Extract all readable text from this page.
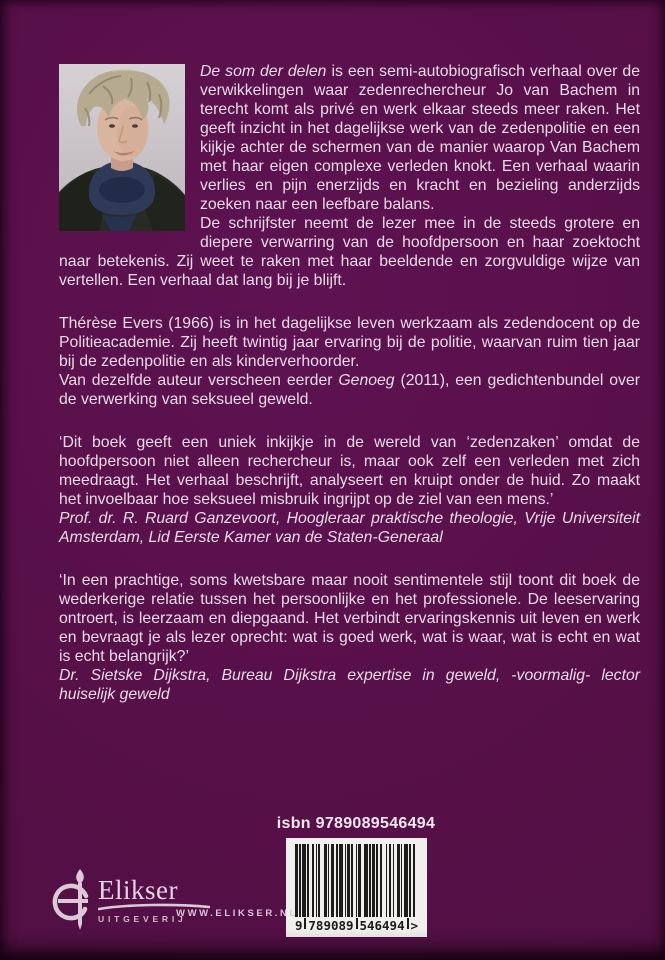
De som der delen is een semi-autobiografisch verhaal over de verwikkelingen waar zedenrechercheur Jo van Bachem in terecht komt als privé en werk elkaar steeds meer raken. Het geeft inzicht in het dagelijkse werk van de zedenpolitie en een kijkje achter de schermen van de manier waarop Van Bachem met haar eigen complexe verleden knokt. Een verhaal waarin verlies en pijn enerzijds en kracht en bezieling anderzijds zoeken naar een leefbare balans.

De schrijfster neemt de lezer mee in de steeds grotere en diepere verwarring van de hoofdpersoon en haar zoektocht naar betekenis. Zij weet te raken met haar beeldende en zorgvuldige wijze van vertellen. Een verhaal dat lang bij je blijft.

Thérèse Evers (1966) is in het dagelijkse leven werkzaam als zedendocent op de Politieacademie. Zij heeft twintig jaar ervaring bij de politie, waarvan ruim tien jaar bij de zedenpolitie en als kinderverhoorder.

Van dezelfde auteur verscheen eerder Genoeg (2011), een gedichtenbundel over de verwerking van seksueel geweld.

‘Dit boek geeft een uniek inkijkje in de wereld van ‘zedenzaken’ omdat de hoofdpersoon niet alleen rechercheur is, maar ook zelf een verleden met zich meedraagt. Het verhaal beschrijft, analyseert en kruipt onder de huid. Zo maakt het invoelbaar hoe seksueel misbruik ingrijpt op de ziel van een mens.’

Prof. dr. R. Ruard Ganzevoort, Hoogleraar praktische theologie, Vrije Universiteit Amsterdam, Lid Eerste Kamer van de Staten-Generaal

‘In een prachtige, soms kwetsbare maar nooit sentimentele stijl toont dit boek de wederkerige relatie tussen het persoonlijke en het professionele. De leeservaring ontroert, is leerzaam en diepgaand. Het verbindt ervaringskennis uit leven en werk en bevraagt je als lezer oprecht: wat is goed werk, wat is waar, wat is echt en wat is echt belangrijk?’

Dr. Sietske Dijkstra, Bureau Dijkstra expertise in geweld, -voormalig- lector huiselijk geweld

isbn 9789089546494
9 789089 546494 >
Elikser
UITGEVERIJ
WWW.ELIKSER.NL
